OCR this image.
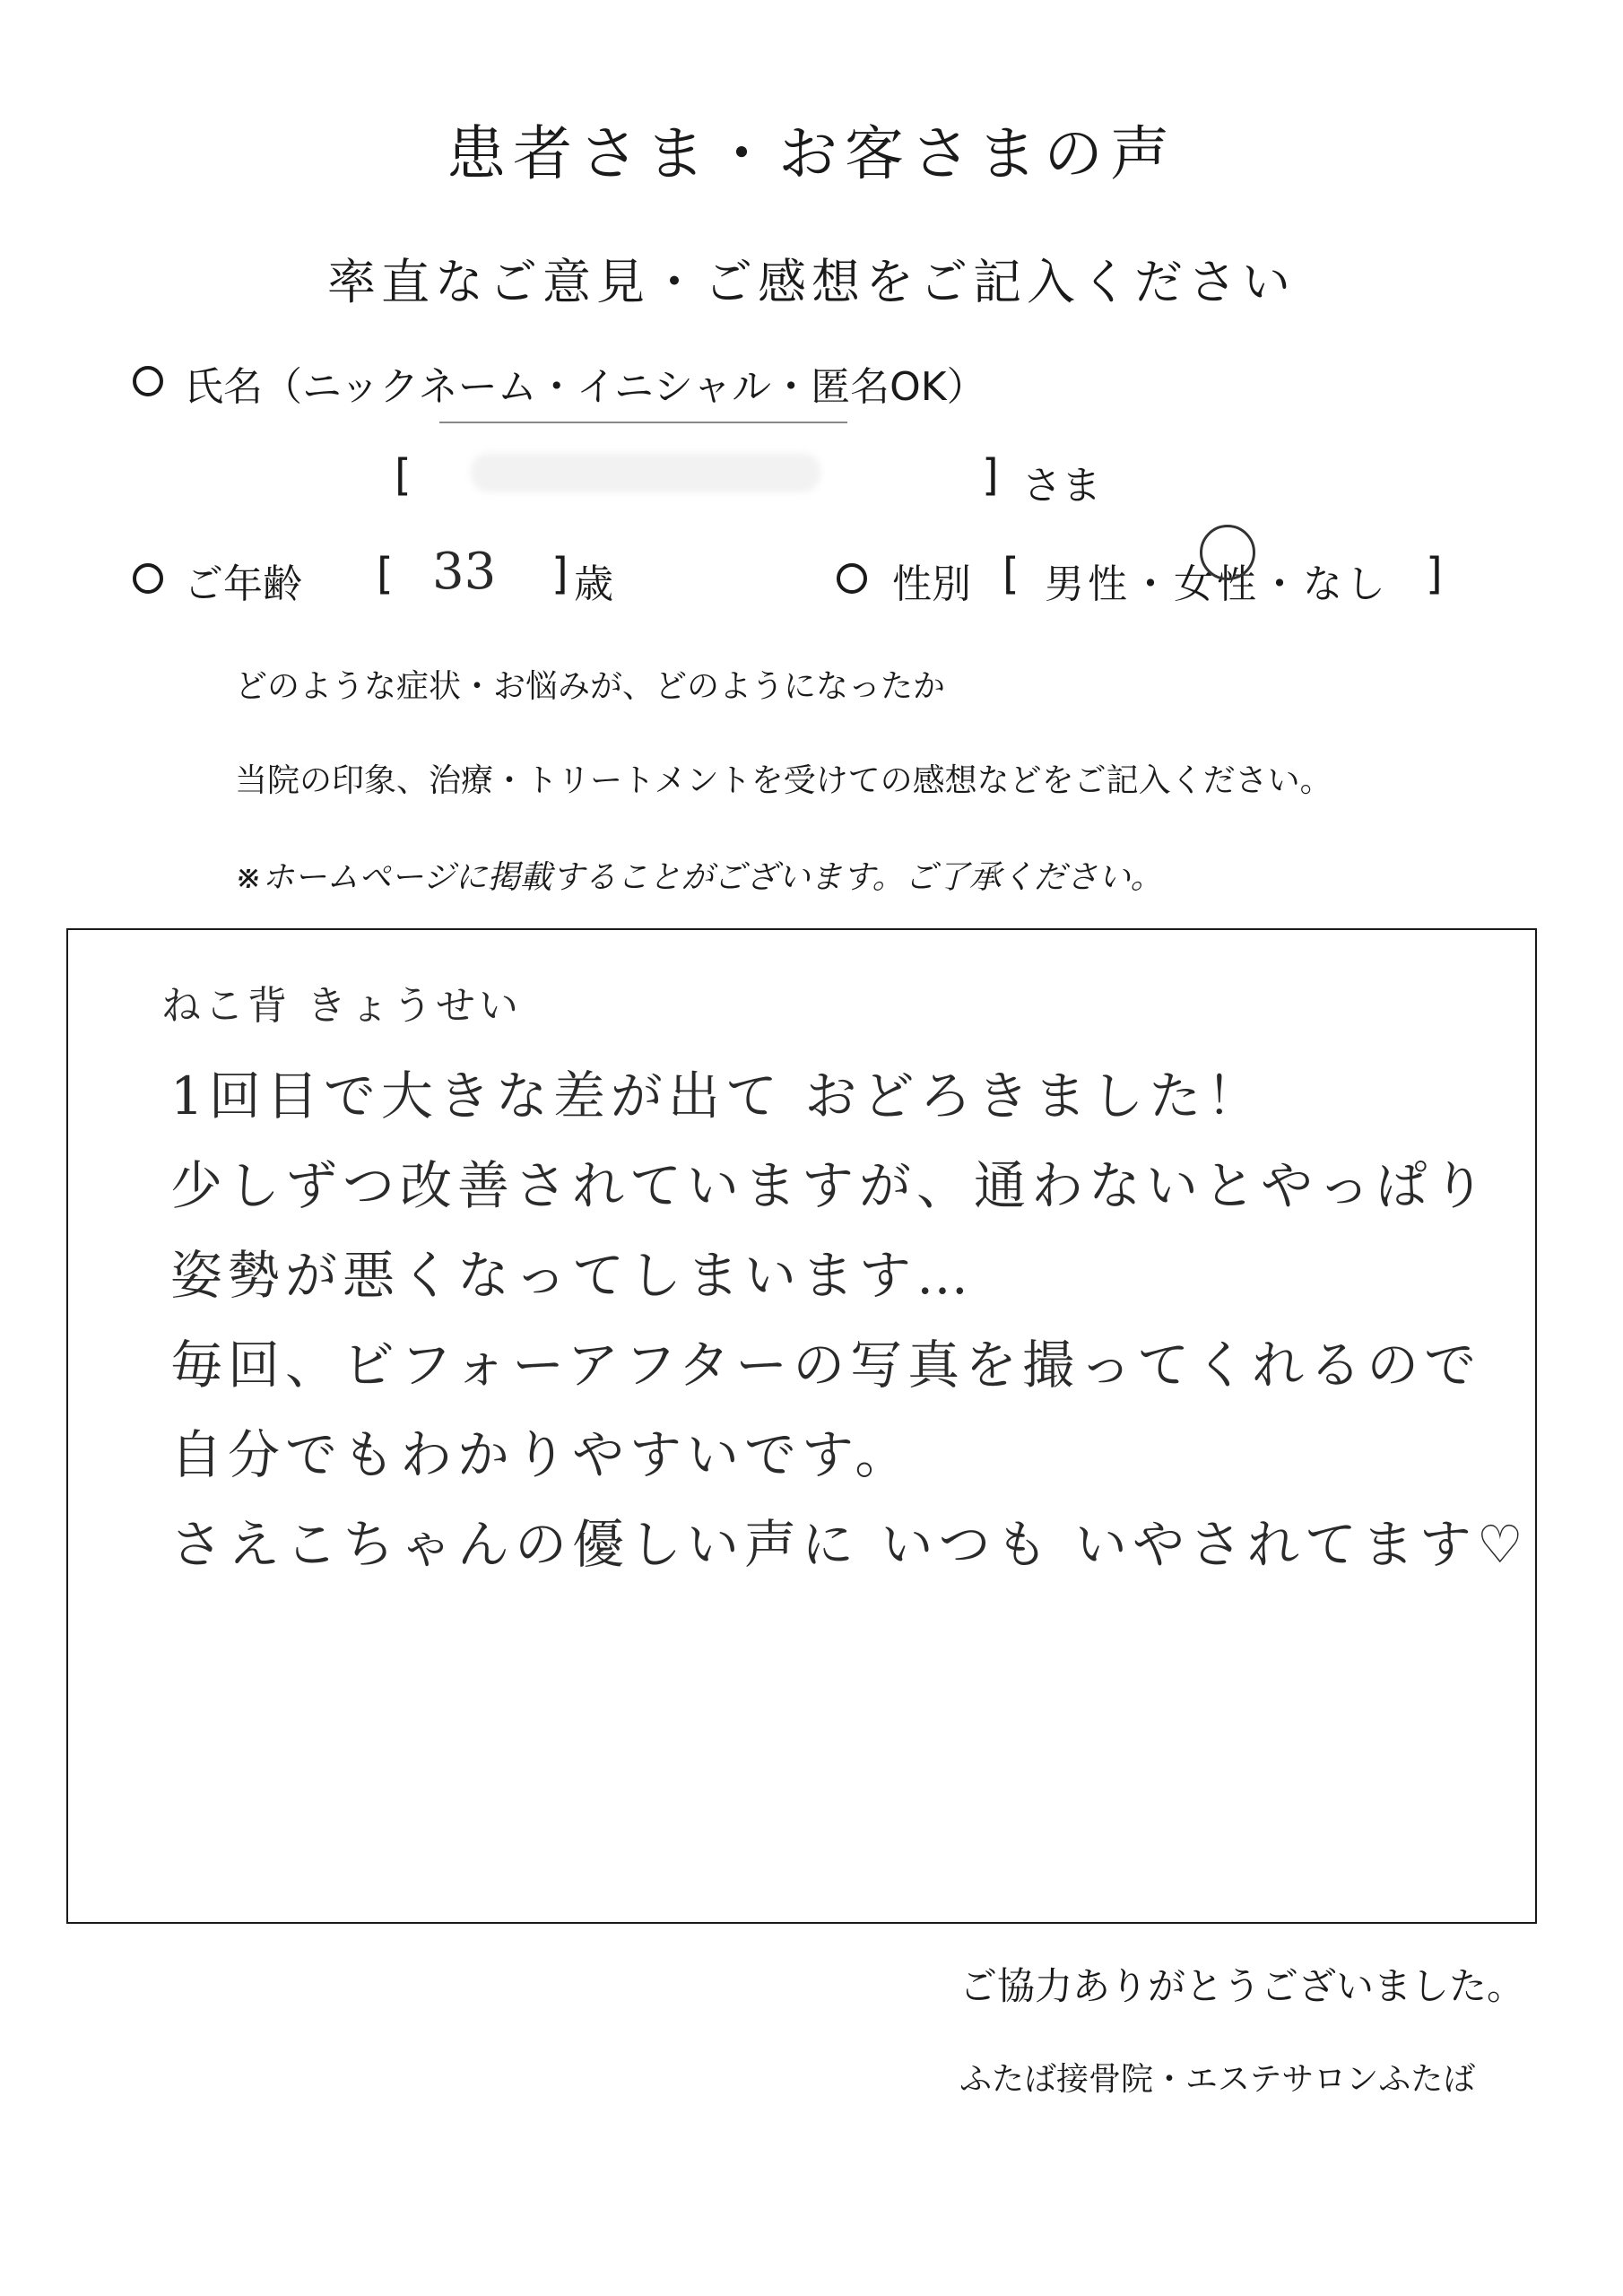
患者さま・お客さまの声
率直なご意見・ご感想をご記入ください
氏名（ニックネーム・イニシャル・匿名OK）
[	] さま
ご年齢 [ 33 ] 歳	性別 [ 男性・女性・なし ]
どのような症状・お悩みが、どのようになったか
当院の印象、治療・トリートメントを受けての感想などをご記入ください。
※ホームページに掲載することがございます。ご了承ください。
ねこ背 きょうせい
1回目で大きな差が出て おどろきました！
少しずつ改善されていますが、通わないとやっぱり
姿勢が悪くなってしまいます…
毎回、ビフォーアフターの写真を撮ってくれるので
自分でもわかりやすいです。
さえこちゃんの優しい声に いつも いやされてます♡
ご協力ありがとうございました。
ふたば接骨院・エステサロンふたば
